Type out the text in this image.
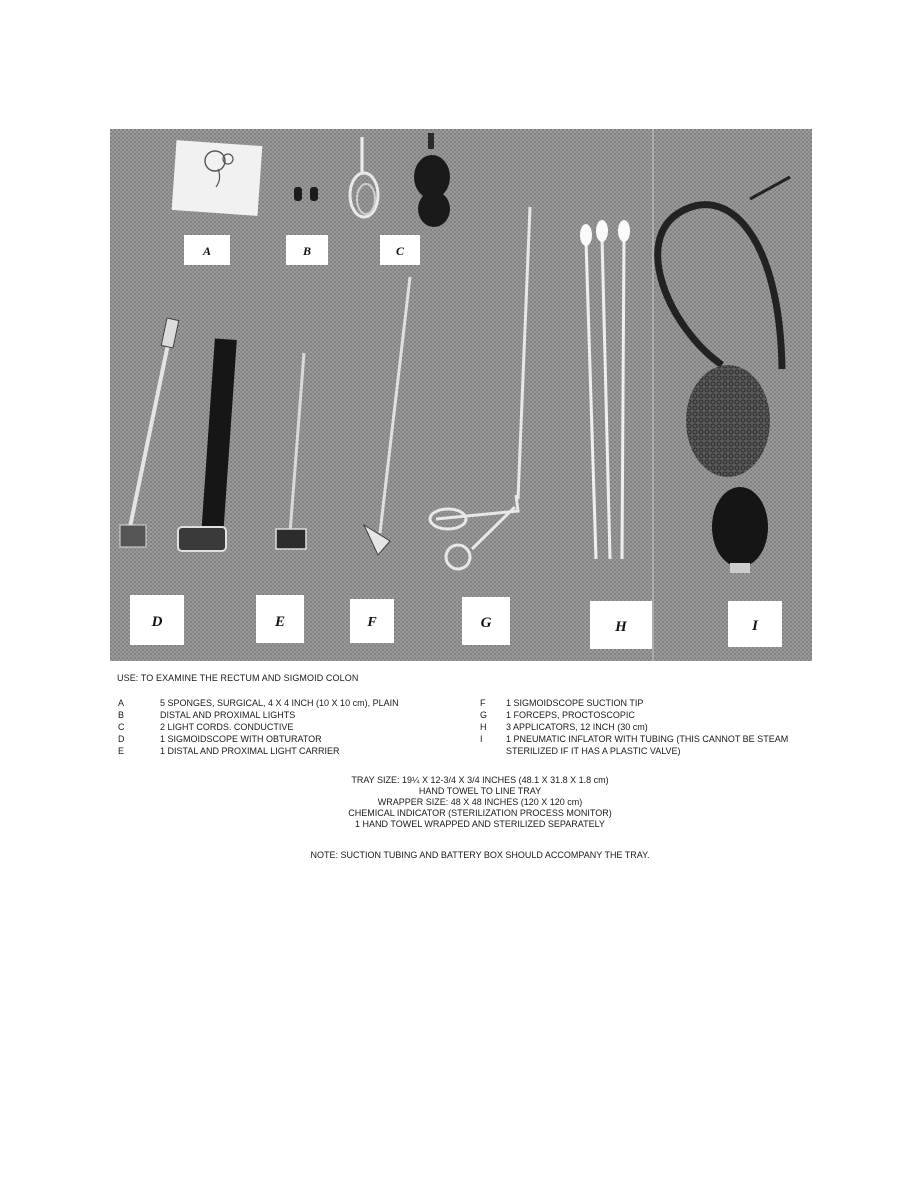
A	B	C
D	E	F	G	H	I
USE: TO EXAMINE THE RECTUM AND SIGMOID COLON
A	5 SPONGES, SURGICAL, 4 X 4 INCH (10 X 10 cm), PLAIN
B	DISTAL AND PROXIMAL LIGHTS
C	2 LIGHT CORDS. CONDUCTIVE
D	1 SIGMOIDSCOPE WITH OBTURATOR
E	1 DISTAL AND PROXIMAL LIGHT CARRIER
F 1 SIGMOIDSCOPE SUCTION TIP
G 1 FORCEPS, PROCTOSCOPIC
H 3 APPLICATORS, 12 INCH (30 cm)
I	1 PNEUMATIC INFLATOR WITH TUBING (THIS CANNOT BE STEAM
STERILIZED IF IT HAS A PLASTIC VALVE)
TRAY SIZE: 19¼ X 12-3/4 X 3/4 INCHES (48.1 X 31.8 X 1.8 cm)
HAND TOWEL TO LINE TRAY
WRAPPER SIZE: 48 X 48 INCHES (120 X 120 cm)
CHEMICAL INDICATOR (STERILIZATION PROCESS MONITOR)
1 HAND TOWEL WRAPPED AND STERILIZED SEPARATELY
NOTE: SUCTION TUBING AND BATTERY BOX SHOULD ACCOMPANY THE TRAY.
